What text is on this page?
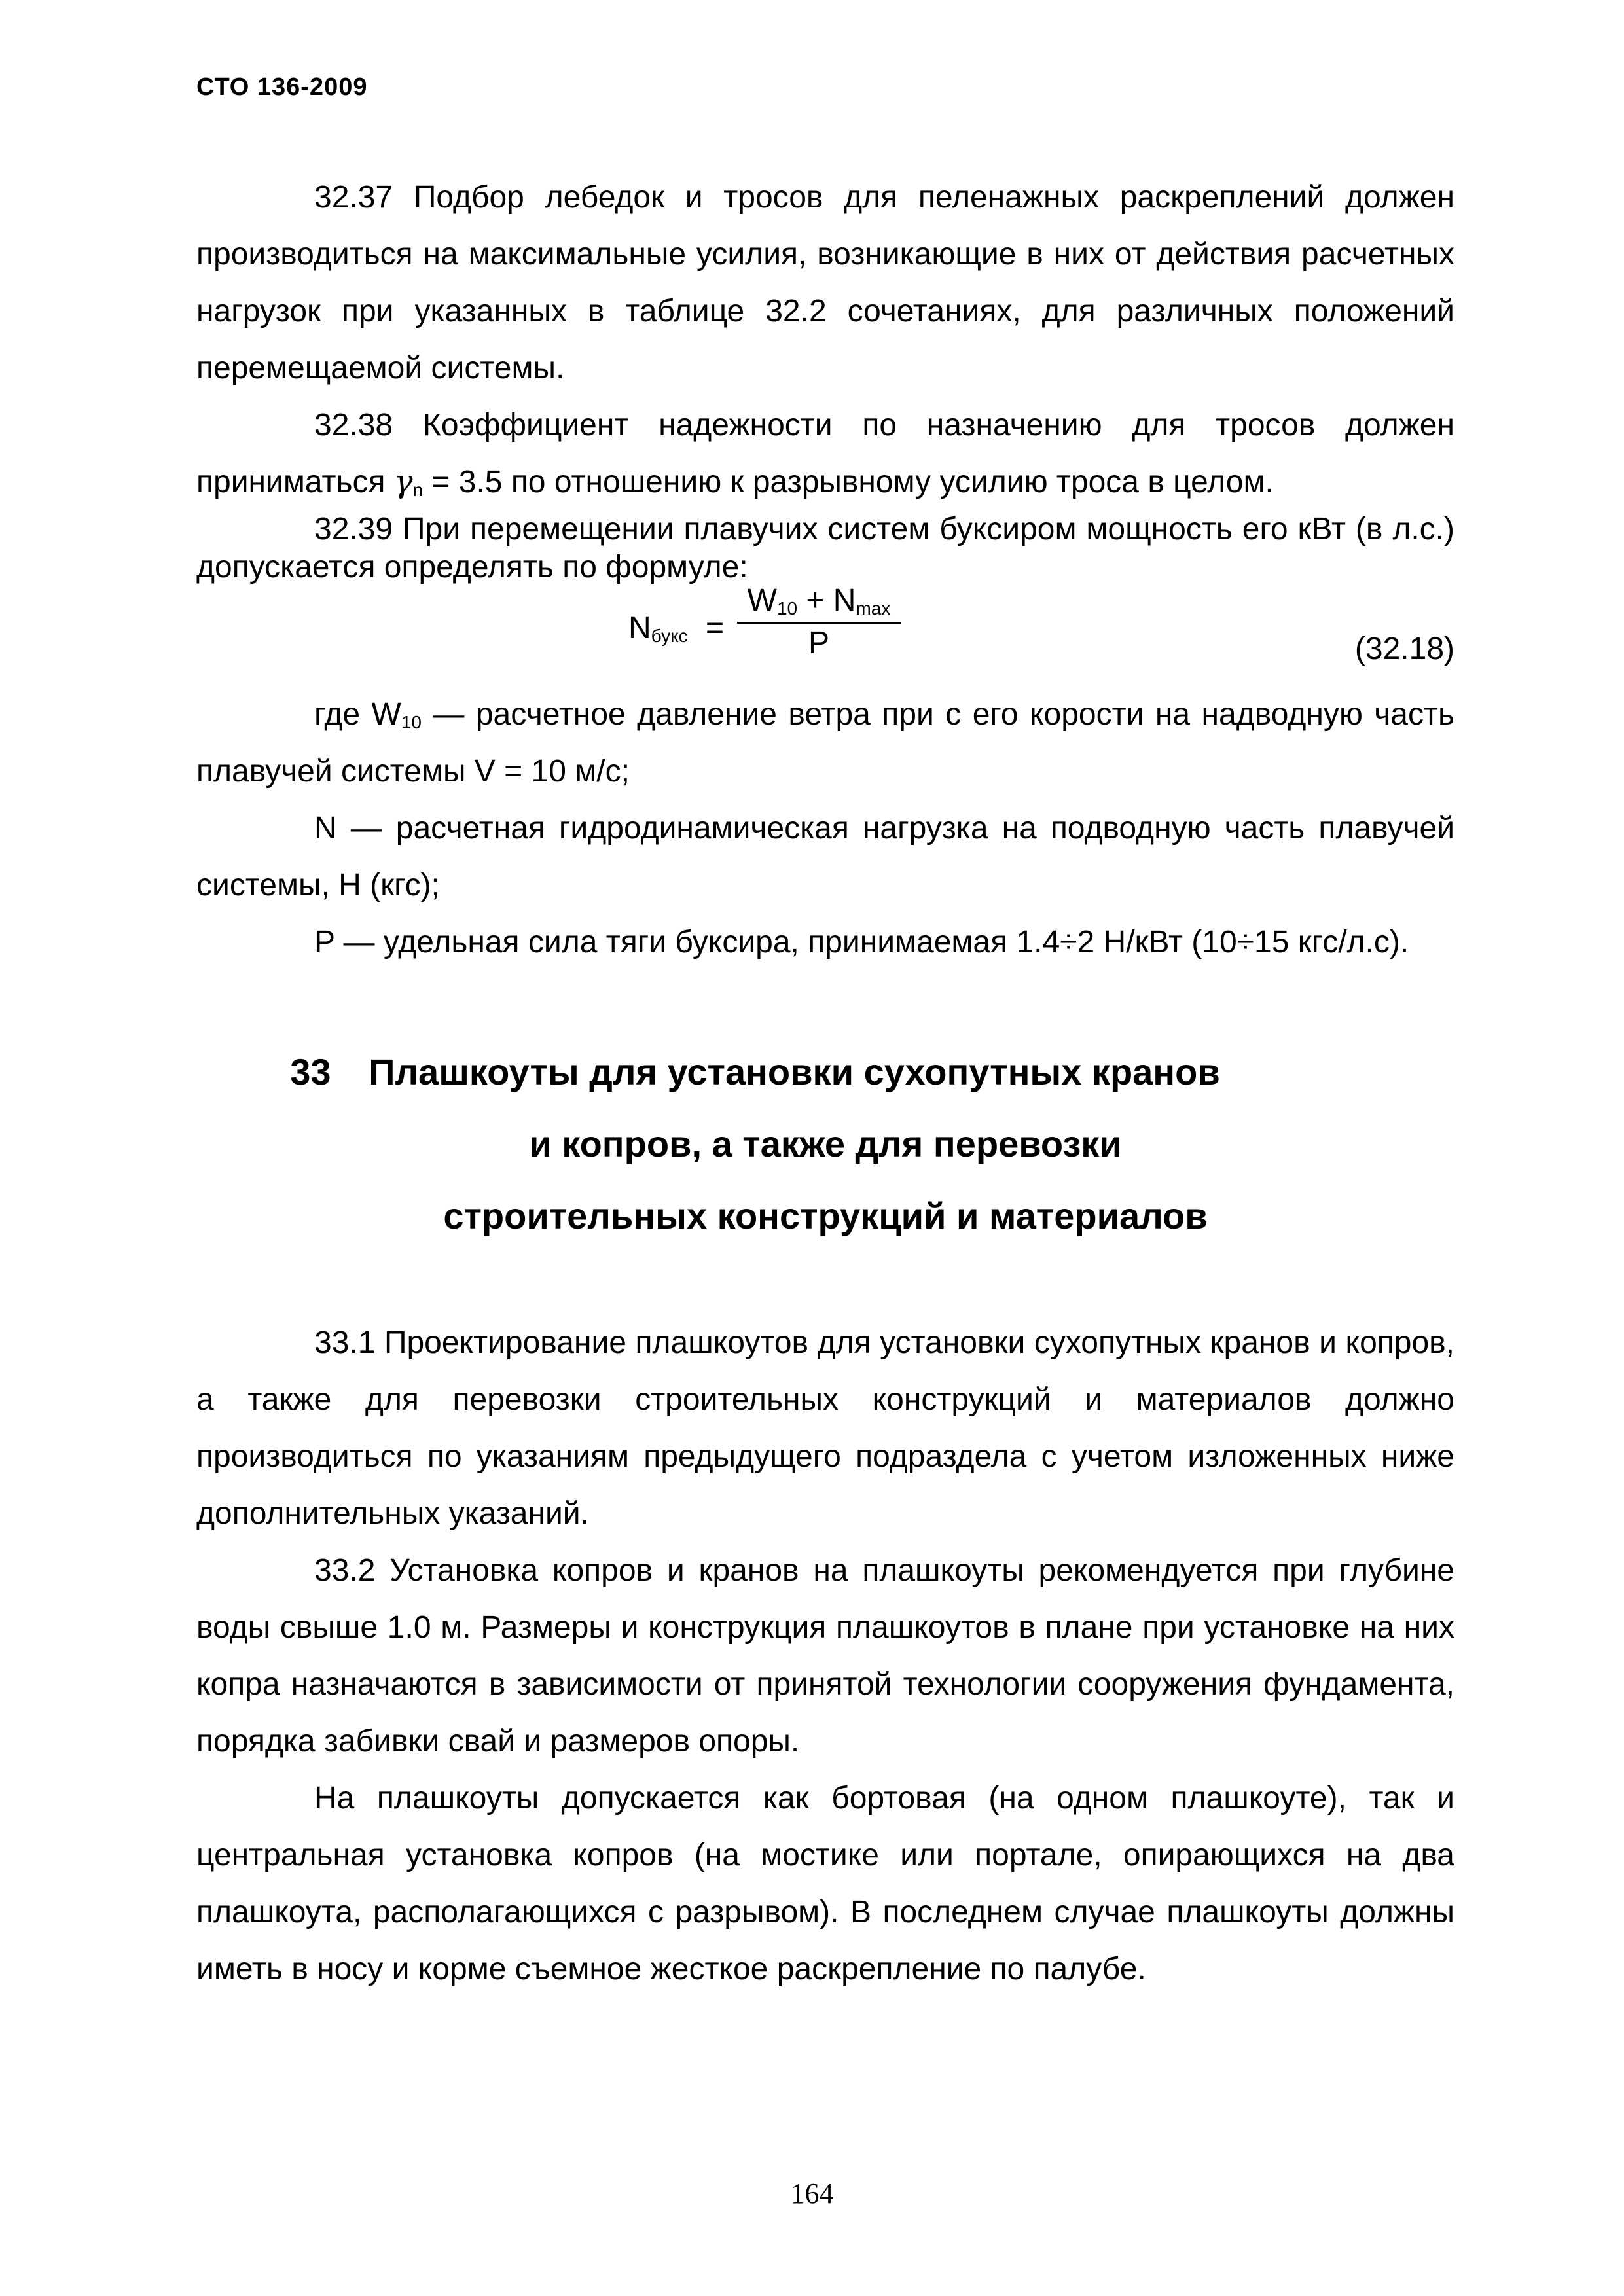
СТО 136-2009

32.37 Подбор лебедок и тросов для пеленажных раскреплений должен производиться на максимальные усилия, возникающие в них от действия расчетных нагрузок при указанных в таблице 32.2 сочетаниях, для различных положений перемещаемой системы.

32.38 Коэффициент надежности по назначению для тросов должен приниматься $\gamma_n = 3.5$ по отношению к разрывному усилию троса в целом.

32.39 При перемещении плавучих систем буксиром мощность его кВт (в л.с.) допускается определять по формуле:

$N_{букс}$ =
$W_{10} + N_{max}$
P	(32.18)

где $W_{10}$ — расчетное давление ветра при с его корости на надводную часть плавучей системы V = 10 м/с;

N — расчетная гидродинамическая нагрузка на подводную часть плавучей системы, Н (кгс);

P — удельная сила тяги буксира, принимаемая 1.4÷2 Н/кВт (10÷15 кгс/л.с).

33 Плашкоуты для установки сухопутных кранов
и копров, а также для перевозки
строительных конструкций и материалов

33.1 Проектирование плашкоутов для установки сухопутных кранов и копров, а также для перевозки строительных конструкций и материалов должно производиться по указаниям предыдущего подраздела с учетом изложенных ниже дополнительных указаний.

33.2 Установка копров и кранов на плашкоуты рекомендуется при глубине воды свыше 1.0 м. Размеры и конструкция плашкоутов в плане при установке на них копра назначаются в зависимости от принятой технологии сооружения фундамента, порядка забивки свай и размеров опоры.

На плашкоуты допускается как бортовая (на одном плашкоуте), так и центральная установка копров (на мостике или портале, опирающихся на два плашкоута, располагающихся с разрывом). В последнем случае плашкоуты должны иметь в носу и корме съемное жесткое раскрепление по палубе.

164
